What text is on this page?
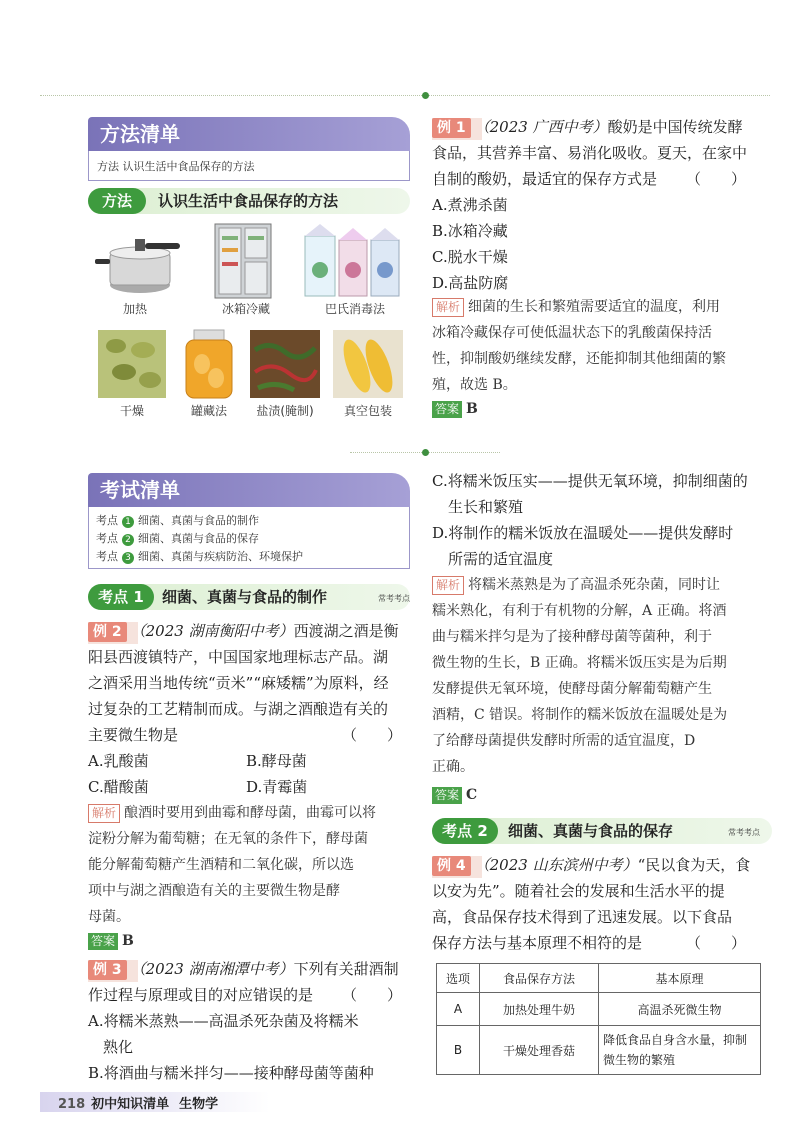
方法清单
方法 认识生活中食品保存的方法
方法	认识生活中食品保存的方法
加热	冰箱冷藏	巴氏消毒法
干燥	罐藏法	盐渍(腌制)	真空包装
例 1 （2023 广西中考）酸奶是中国传统发酵
食品，其营养丰富、易消化吸收。夏天，在家中
自制的酸奶，最适宜的保存方式是 （　　）
A.煮沸杀菌
B.冰箱冷藏
C.脱水干燥
D.高盐防腐
解析 细菌的生长和繁殖需要适宜的温度，利用
冰箱冷藏保存可使低温状态下的乳酸菌保持活
性，抑制酸奶继续发酵，还能抑制其他细菌的繁
殖，故选 B。
答案 B
考试清单
考点 1 细菌、真菌与食品的制作
考点 2 细菌、真菌与食品的保存
考点 3 细菌、真菌与疾病防治、环境保护
考点 1	细菌、真菌与食品的制作	常考考点
例 2 （2023 湖南衡阳中考）西渡湖之酒是衡
阳县西渡镇特产，中国国家地理标志产品。湖
之酒采用当地传统“贡米”“麻矮糯”为原料，经
过复杂的工艺精制而成。与湖之酒酿造有关的
主要微生物是	（　　）
A.乳酸菌	B.酵母菌
C.醋酸菌	D.青霉菌
解析 酿酒时要用到曲霉和酵母菌，曲霉可以将
淀粉分解为葡萄糖；在无氧的条件下，酵母菌
能分解葡萄糖产生酒精和二氧化碳，所以选
项中与湖之酒酿造有关的主要微生物是酵
母菌。
答案 B
例 3 （2023 湖南湘潭中考）下列有关甜酒制
作过程与原理或目的对应错误的是 （　　）
A.将糯米蒸熟——高温杀死杂菌及将糯米
熟化
B.将酒曲与糯米拌匀——接种酵母菌等菌种
C.将糯米饭压实——提供无氧环境，抑制细菌的
生长和繁殖
D.将制作的糯米饭放在温暖处——提供发酵时
所需的适宜温度
解析 将糯米蒸熟是为了高温杀死杂菌，同时让
糯米熟化，有利于有机物的分解，A 正确。将酒
曲与糯米拌匀是为了接种酵母菌等菌种，利于
微生物的生长，B 正确。将糯米饭压实是为后期
发酵提供无氧环境，使酵母菌分解葡萄糖产生
酒精，C 错误。将制作的糯米饭放在温暖处是为
了给酵母菌提供发酵时所需的适宜温度，D
正确。
答案 C
考点 2	细菌、真菌与食品的保存	常考考点
例 4 （2023 山东滨州中考）“民以食为天，食
以安为先”。随着社会的发展和生活水平的提
高，食品保存技术得到了迅速发展。以下食品
保存方法与基本原理不相符的是	（　　）
选项	食品保存方法	基本原理
A	加热处理牛奶	高温杀死微生物
B	干燥处理香菇	降低食品自身含水量，抑制微生物的繁殖
218 初中知识清单 生物学
